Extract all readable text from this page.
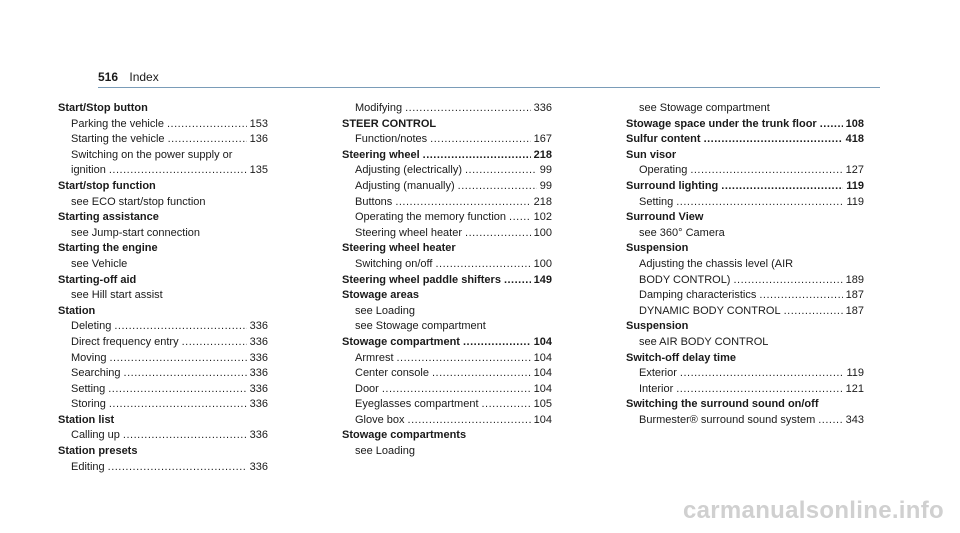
516 Index
Start/Stop button
Parking the vehicle .....	153
Starting the vehicle .....	136
Switching on the power supply or
ignition .....	135
Start/stop function
see ECO start/stop function
Starting assistance
see Jump-start connection
Starting the engine
see Vehicle
Starting-off aid
see Hill start assist
Station
Deleting .....	336
Direct frequency entry .....	336
Moving .....	336
Searching .....	336
Setting .....	336
Storing .....	336
Station list
Calling up .....	336
Station presets
Editing .....	336
Modifying .....	336
STEER CONTROL
Function/notes .....	167
Steering wheel .....	218
Adjusting (electrically) .....	99
Adjusting (manually) .....	99
Buttons .....	218
Operating the memory function .....	102
Steering wheel heater .....	100
Steering wheel heater
Switching on/off .....	100
Steering wheel paddle shifters .....	149
Stowage areas
see Loading
see Stowage compartment
Stowage compartment .....	104
Armrest .....	104
Center console .....	104
Door .....	104
Eyeglasses compartment .....	105
Glove box .....	104
Stowage compartments
see Loading
see Stowage compartment
Stowage space under the trunk floor .....	108
Sulfur content .....	418
Sun visor
Operating .....	127
Surround lighting .....	119
Setting .....	119
Surround View
see 360° Camera
Suspension
Adjusting the chassis level (AIR
BODY CONTROL) .....	189
Damping characteristics .....	187
DYNAMIC BODY CONTROL .....	187
Suspension
see AIR BODY CONTROL
Switch-off delay time
Exterior .....	119
Interior .....	121
Switching the surround sound on/off
Burmester® surround sound system .....	343
carmanualsonline.info
